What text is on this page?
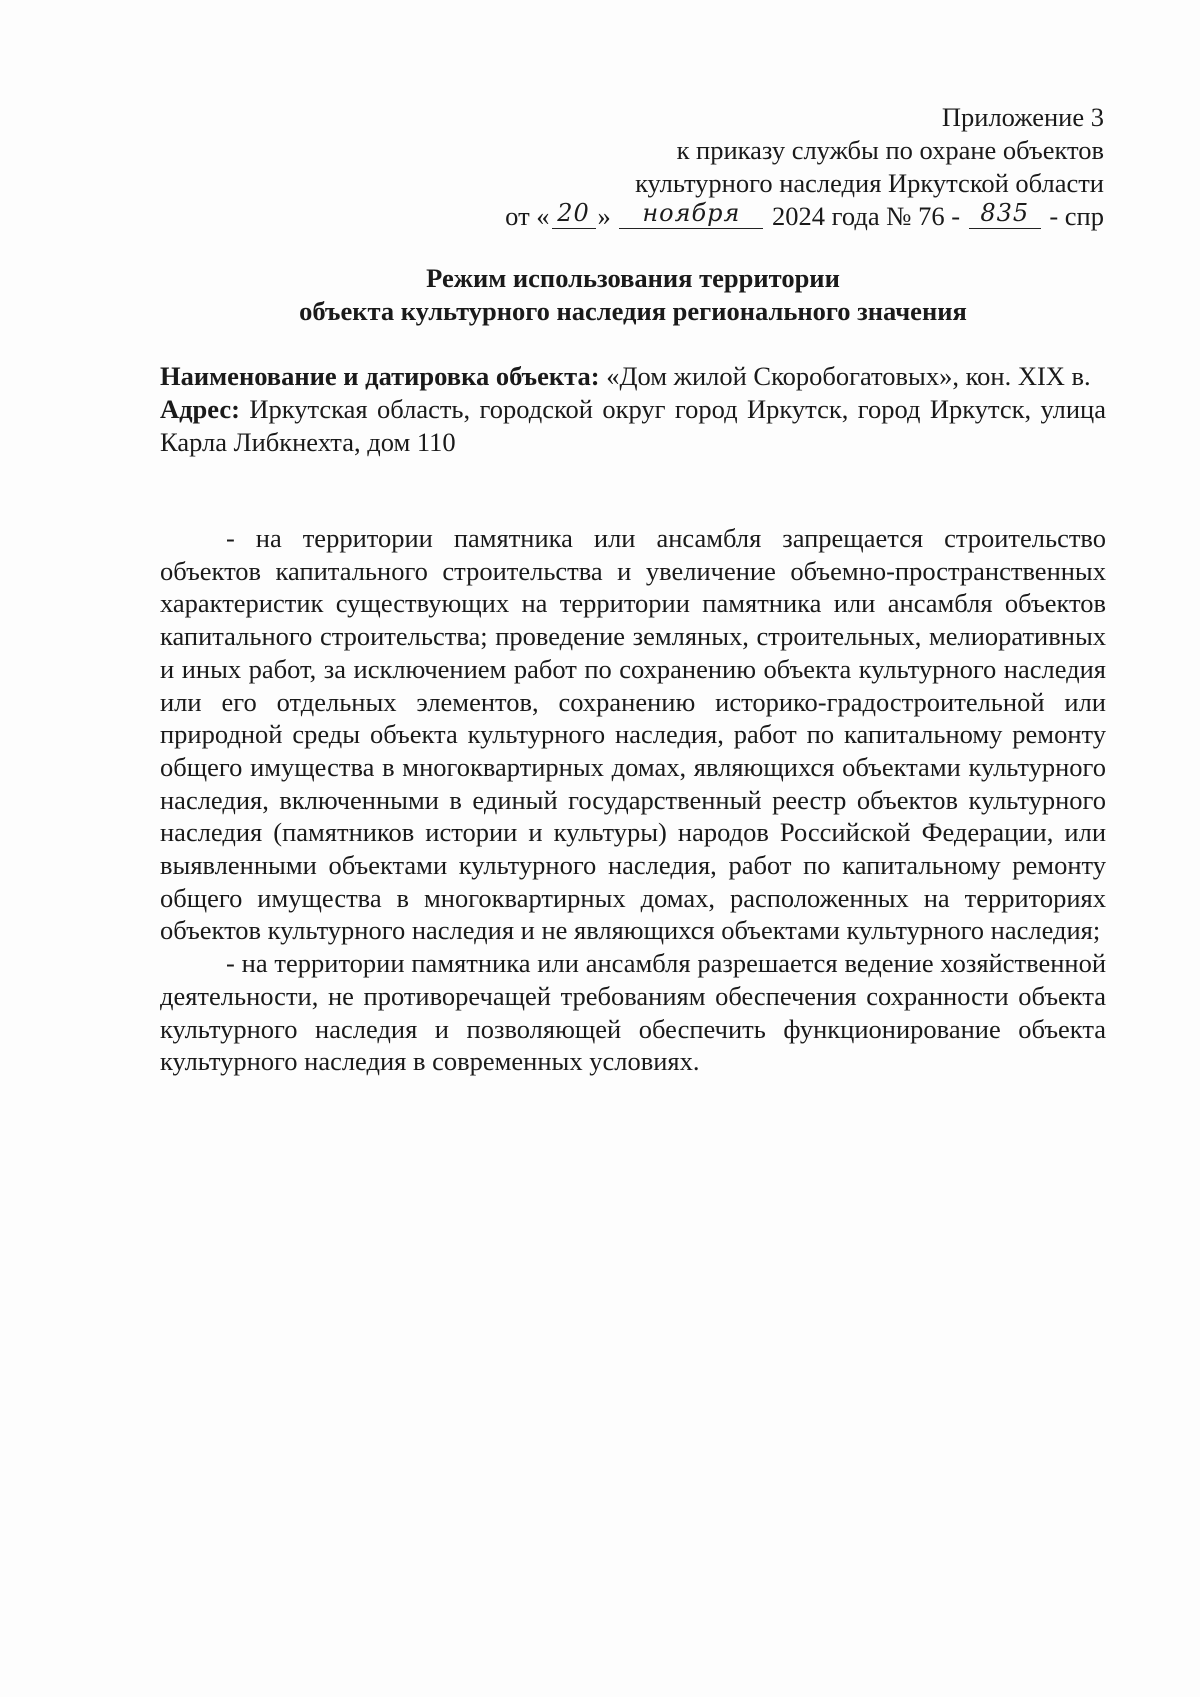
Приложение 3
к приказу службы по охране объектов
культурного наследия Иркутской области
от « 20 » ноября 2024 года № 76 - 835 - спр
Режим использования территории
объекта культурного наследия регионального значения

Наименование и датировка объекта: «Дом жилой Скоробогатовых», кон. XIX в.

Адрес: Иркутская область, городской округ город Иркутск, город Иркутск, улица Карла Либкнехта, дом 110

- на территории памятника или ансамбля запрещается строительство объектов капитального строительства и увеличение объемно-пространственных характеристик существующих на территории памятника или ансамбля объектов капитального строительства; проведение земляных, строительных, мелиоративных и иных работ, за исключением работ по сохранению объекта культурного наследия или его отдельных элементов, сохранению историко-градостроительной или природной среды объекта культурного наследия, работ по капитальному ремонту общего имущества в многоквартирных домах, являющихся объектами культурного наследия, включенными в единый государственный реестр объектов культурного наследия (памятников истории и культуры) народов Российской Федерации, или выявленными объектами культурного наследия, работ по капитальному ремонту общего имущества в многоквартирных домах, расположенных на территориях объектов культурного наследия и не являющихся объектами культурного наследия;

- на территории памятника или ансамбля разрешается ведение хозяйственной деятельности, не противоречащей требованиям обеспечения сохранности объекта культурного наследия и позволяющей обеспечить функционирование объекта культурного наследия в современных условиях.
